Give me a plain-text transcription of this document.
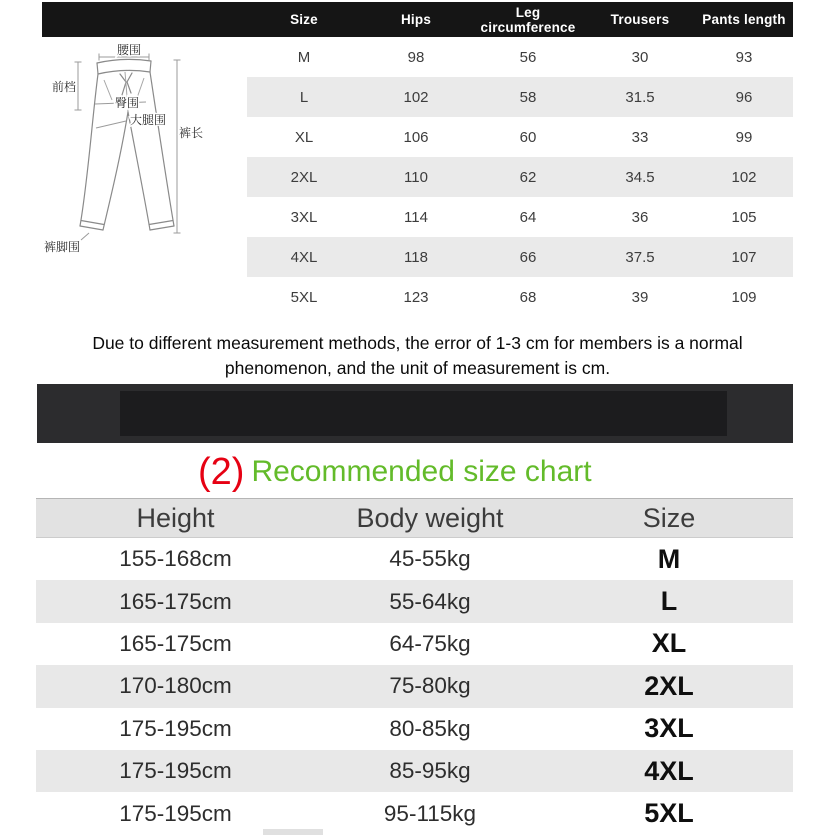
Size	Hips	Leg circumference	Trousers	Pants length
M	98	56	30	93
L	102	58	31.5	96
XL	106	60	33	99
2XL	110	62	34.5	102
3XL	114	64	36	105
4XL	118	66	37.5	107
5XL	123	68	39	109
腰围
前档
臀围
大腿围
裤长
裤脚围
Due to different measurement methods, the error of 1-3 cm for members is a normal
phenomenon, and the unit of measurement is cm.
(2) Recommended size chart
Height	Body weight	Size
155-168cm	45-55kg	M
165-175cm	55-64kg	L
165-175cm	64-75kg	XL
170-180cm	75-80kg	2XL
175-195cm	80-85kg	3XL
175-195cm	85-95kg	4XL
175-195cm	95-115kg	5XL
